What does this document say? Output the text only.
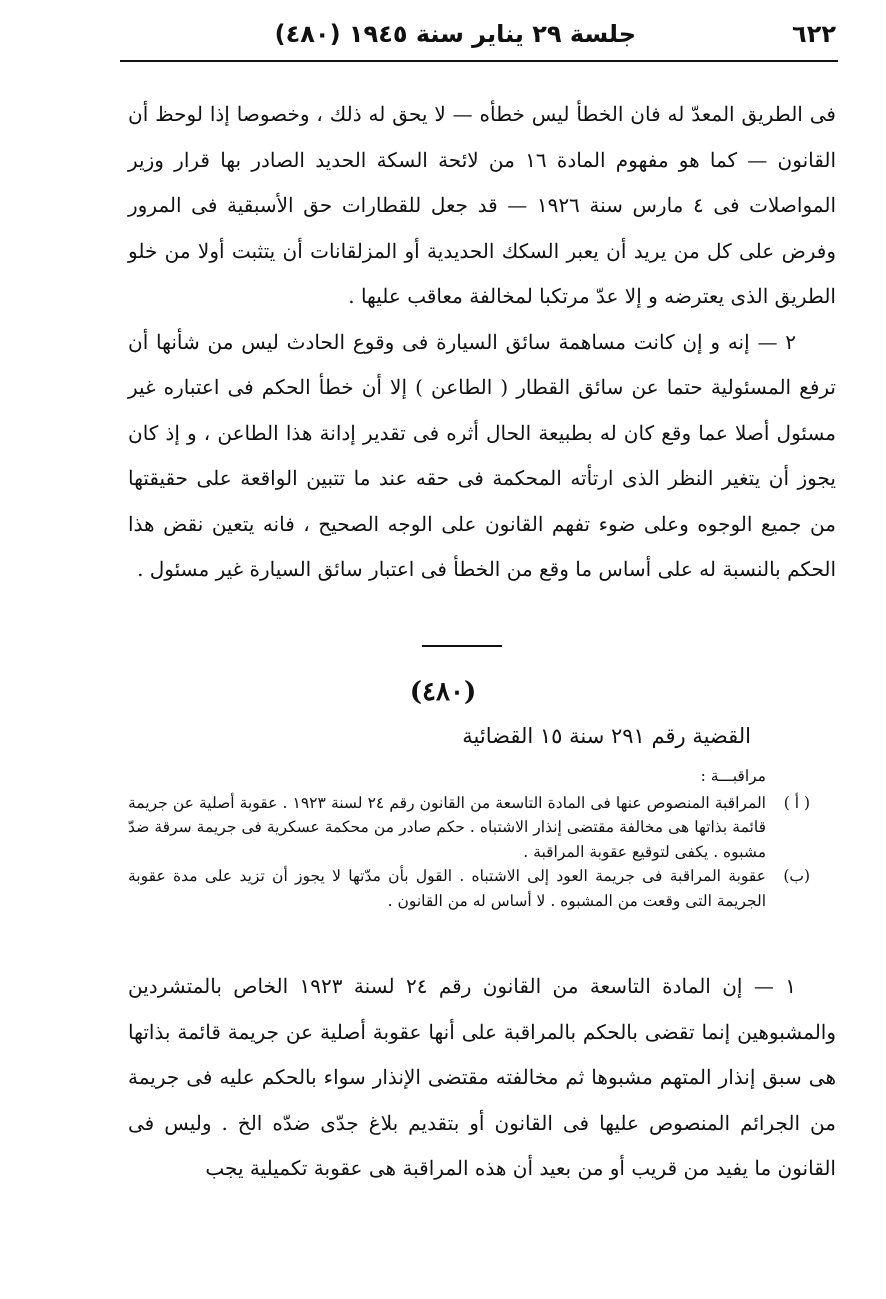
٦٢٢
جلسة ٢٩ يناير سنة ١٩٤٥ (٤٨٠)

فى الطريق المعدّ له فان الخطأ ليس خطأه — لا يحق له ذلك ، وخصوصا إذا لوحظ أن القانون — كما هو مفهوم المادة ١٦ من لائحة السكة الحديد الصادر بها قرار وزير المواصلات فى ٤ مارس سنة ١٩٢٦ — قد جعل للقطارات حق الأسبقية فى المرور وفرض على كل من يريد أن يعبر السكك الحديدية أو المزلقانات أن يتثبت أولا من خلو الطريق الذى يعترضه و إلا عدّ مرتكبا لمخالفة معاقب عليها .

٢ — إنه و إن كانت مساهمة سائق السيارة فى وقوع الحادث ليس من شأنها أن ترفع المسئولية حتما عن سائق القطار ( الطاعن ) إلا أن خطأ الحكم فى اعتباره غير مسئول أصلا عما وقع كان له بطبيعة الحال أثره فى تقدير إدانة هذا الطاعن ، و إذ كان يجوز أن يتغير النظر الذى ارتأته المحكمة فى حقه عند ما تتبين الواقعة على حقيقتها من جميع الوجوه وعلى ضوء تفهم القانون على الوجه الصحيح ، فانه يتعين نقض هذا الحكم بالنسبة له على أساس ما وقع من الخطأ فى اعتبار سائق السيارة غير مسئول .

(٤٨٠)
القضية رقم ٢٩١ سنة ١٥ القضائية

مراقبـــة :

( أ )
المراقبة المنصوص عنها فى المادة التاسعة من القانون رقم ٢٤ لسنة ١٩٢٣ . عقوبة أصلية عن جريمة قائمة بذاتها هى مخالفة مقتضى إنذار الاشتباه . حكم صادر من محكمة عسكرية فى جريمة سرقة ضدّ مشبوه . يكفى لتوقيع عقوبة المراقبة .

(ب)
عقوبة المراقبة فى جريمة العود إلى الاشتباه . القول بأن مدّتها لا يجوز أن تزيد على مدة عقوبة الجريمة التى وقعت من المشبوه . لا أساس له من القانون .

١ — إن المادة التاسعة من القانون رقم ٢٤ لسنة ١٩٢٣ الخاص بالمتشردين والمشبوهين إنما تقضى بالحكم بالمراقبة على أنها عقوبة أصلية عن جريمة قائمة بذاتها هى سبق إنذار المتهم مشبوها ثم مخالفته مقتضى الإنذار سواء بالحكم عليه فى جريمة من الجرائم المنصوص عليها فى القانون أو بتقديم بلاغ جدّى ضدّه الخ . وليس فى القانون ما يفيد من قريب أو من بعيد أن هذه المراقبة هى عقوبة تكميلية يجب
